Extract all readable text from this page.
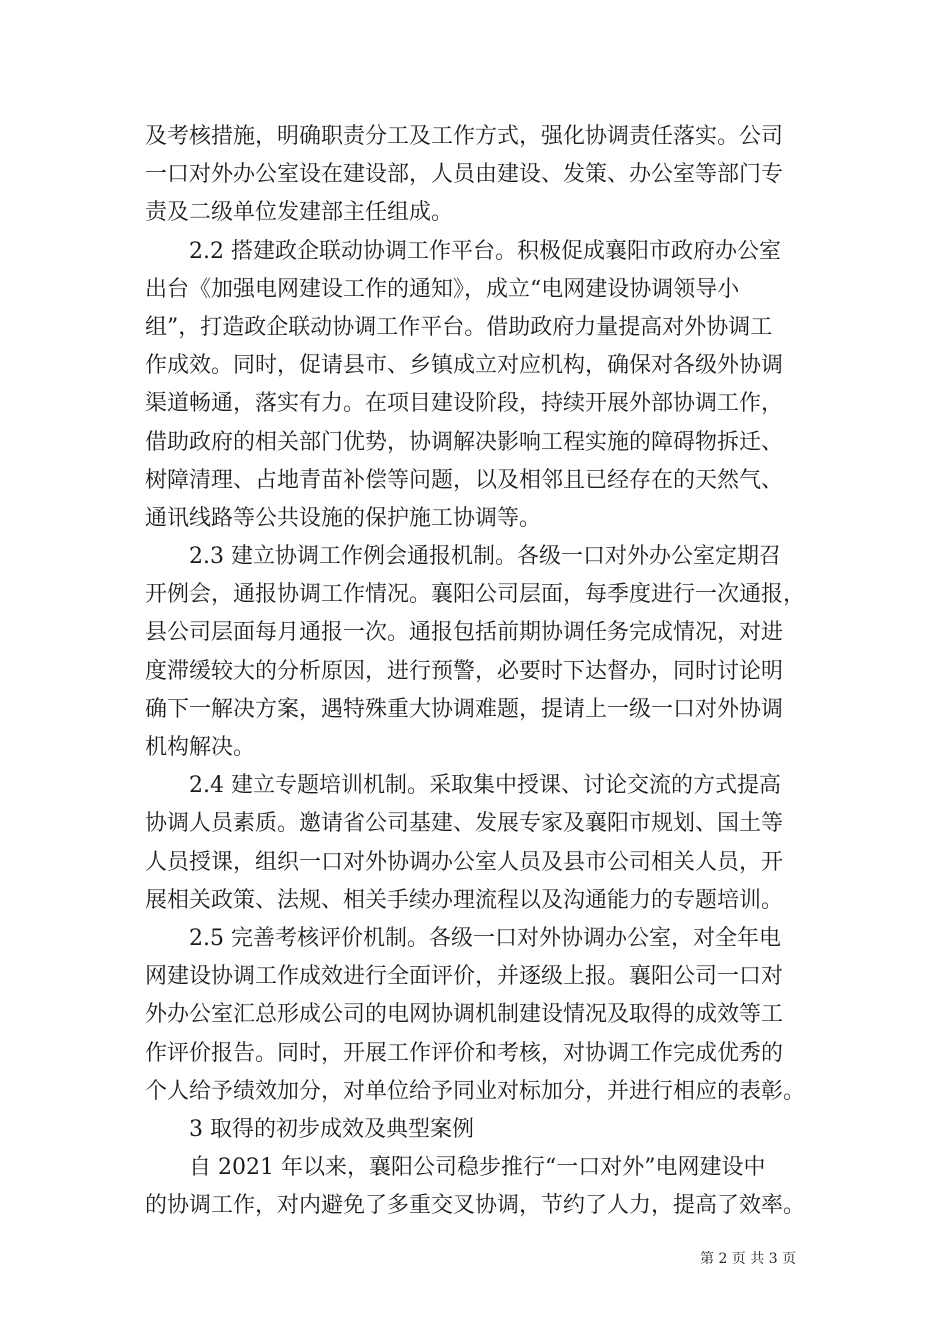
及考核措施，明确职责分工及工作方式，强化协调责任落实。公司
一口对外办公室设在建设部，人员由建设、发策、办公室等部门专
责及二级单位发建部主任组成。
　　2.2 搭建政企联动协调工作平台。积极促成襄阳市政府办公室
出台《加强电网建设工作的通知》，成立“电网建设协调领导小
组”，打造政企联动协调工作平台。借助政府力量提高对外协调工
作成效。同时，促请县市、乡镇成立对应机构，确保对各级外协调
渠道畅通，落实有力。在项目建设阶段，持续开展外部协调工作，
借助政府的相关部门优势，协调解决影响工程实施的障碍物拆迁、
树障清理、占地青苗补偿等问题，以及相邻且已经存在的天然气、
通讯线路等公共设施的保护施工协调等。
　　2.3 建立协调工作例会通报机制。各级一口对外办公室定期召
开例会，通报协调工作情况。襄阳公司层面，每季度进行一次通报，
县公司层面每月通报一次。通报包括前期协调任务完成情况，对进
度滞缓较大的分析原因，进行预警，必要时下达督办，同时讨论明
确下一解决方案，遇特殊重大协调难题，提请上一级一口对外协调
机构解决。
　　2.4 建立专题培训机制。采取集中授课、讨论交流的方式提高
协调人员素质。邀请省公司基建、发展专家及襄阳市规划、国土等
人员授课，组织一口对外协调办公室人员及县市公司相关人员，开
展相关政策、法规、相关手续办理流程以及沟通能力的专题培训。
　　2.5 完善考核评价机制。各级一口对外协调办公室，对全年电
网建设协调工作成效进行全面评价，并逐级上报。襄阳公司一口对
外办公室汇总形成公司的电网协调机制建设情况及取得的成效等工
作评价报告。同时，开展工作评价和考核，对协调工作完成优秀的
个人给予绩效加分，对单位给予同业对标加分，并进行相应的表彰。
　　3 取得的初步成效及典型案例
　　自 2021 年以来，襄阳公司稳步推行“一口对外”电网建设中
的协调工作，对内避免了多重交叉协调，节约了人力，提高了效率。
第 2 页 共 3 页
